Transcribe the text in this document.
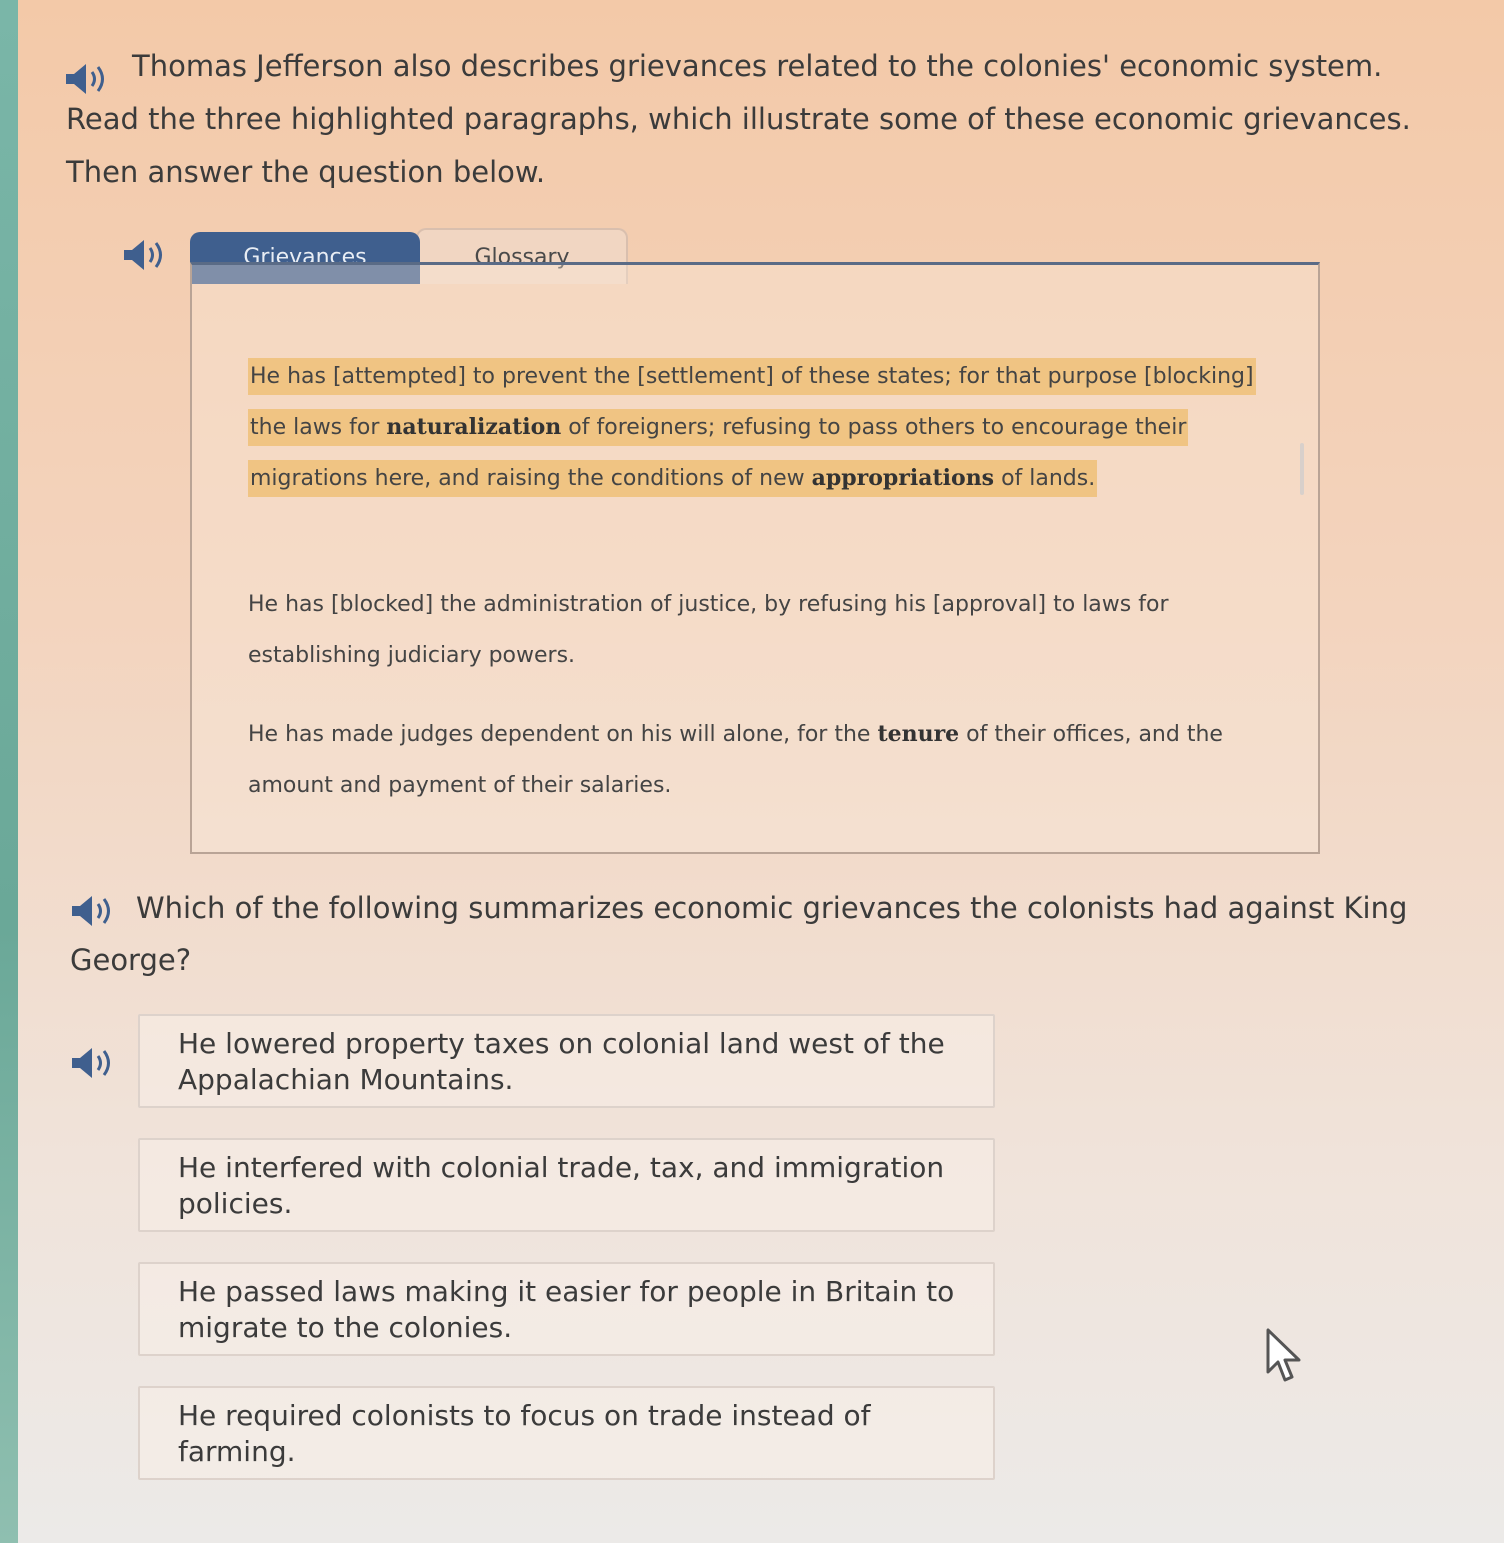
Thomas Jefferson also describes grievances related to the colonies' economic system.

Read the three highlighted paragraphs, which illustrate some of these economic grievances.

Then answer the question below.

Glossary
Grievances
He has [attempted] to prevent the [settlement] of these states; for that purpose [blocking] the laws for naturalization of foreigners; refusing to pass others to encourage their migrations here, and raising the conditions of new appropriations of lands.
He has [blocked] the administration of justice, by refusing his [approval] to laws for establishing judiciary powers.
He has made judges dependent on his will alone, for the tenure of their offices, and the amount and payment of their salaries.

Which of the following summarizes economic grievances the colonists had against King George?

He lowered property taxes on colonial land west of the Appalachian Mountains.
He interfered with colonial trade, tax, and immigration policies.
He passed laws making it easier for people in Britain to migrate to the colonies.
He required colonists to focus on trade instead of farming.
